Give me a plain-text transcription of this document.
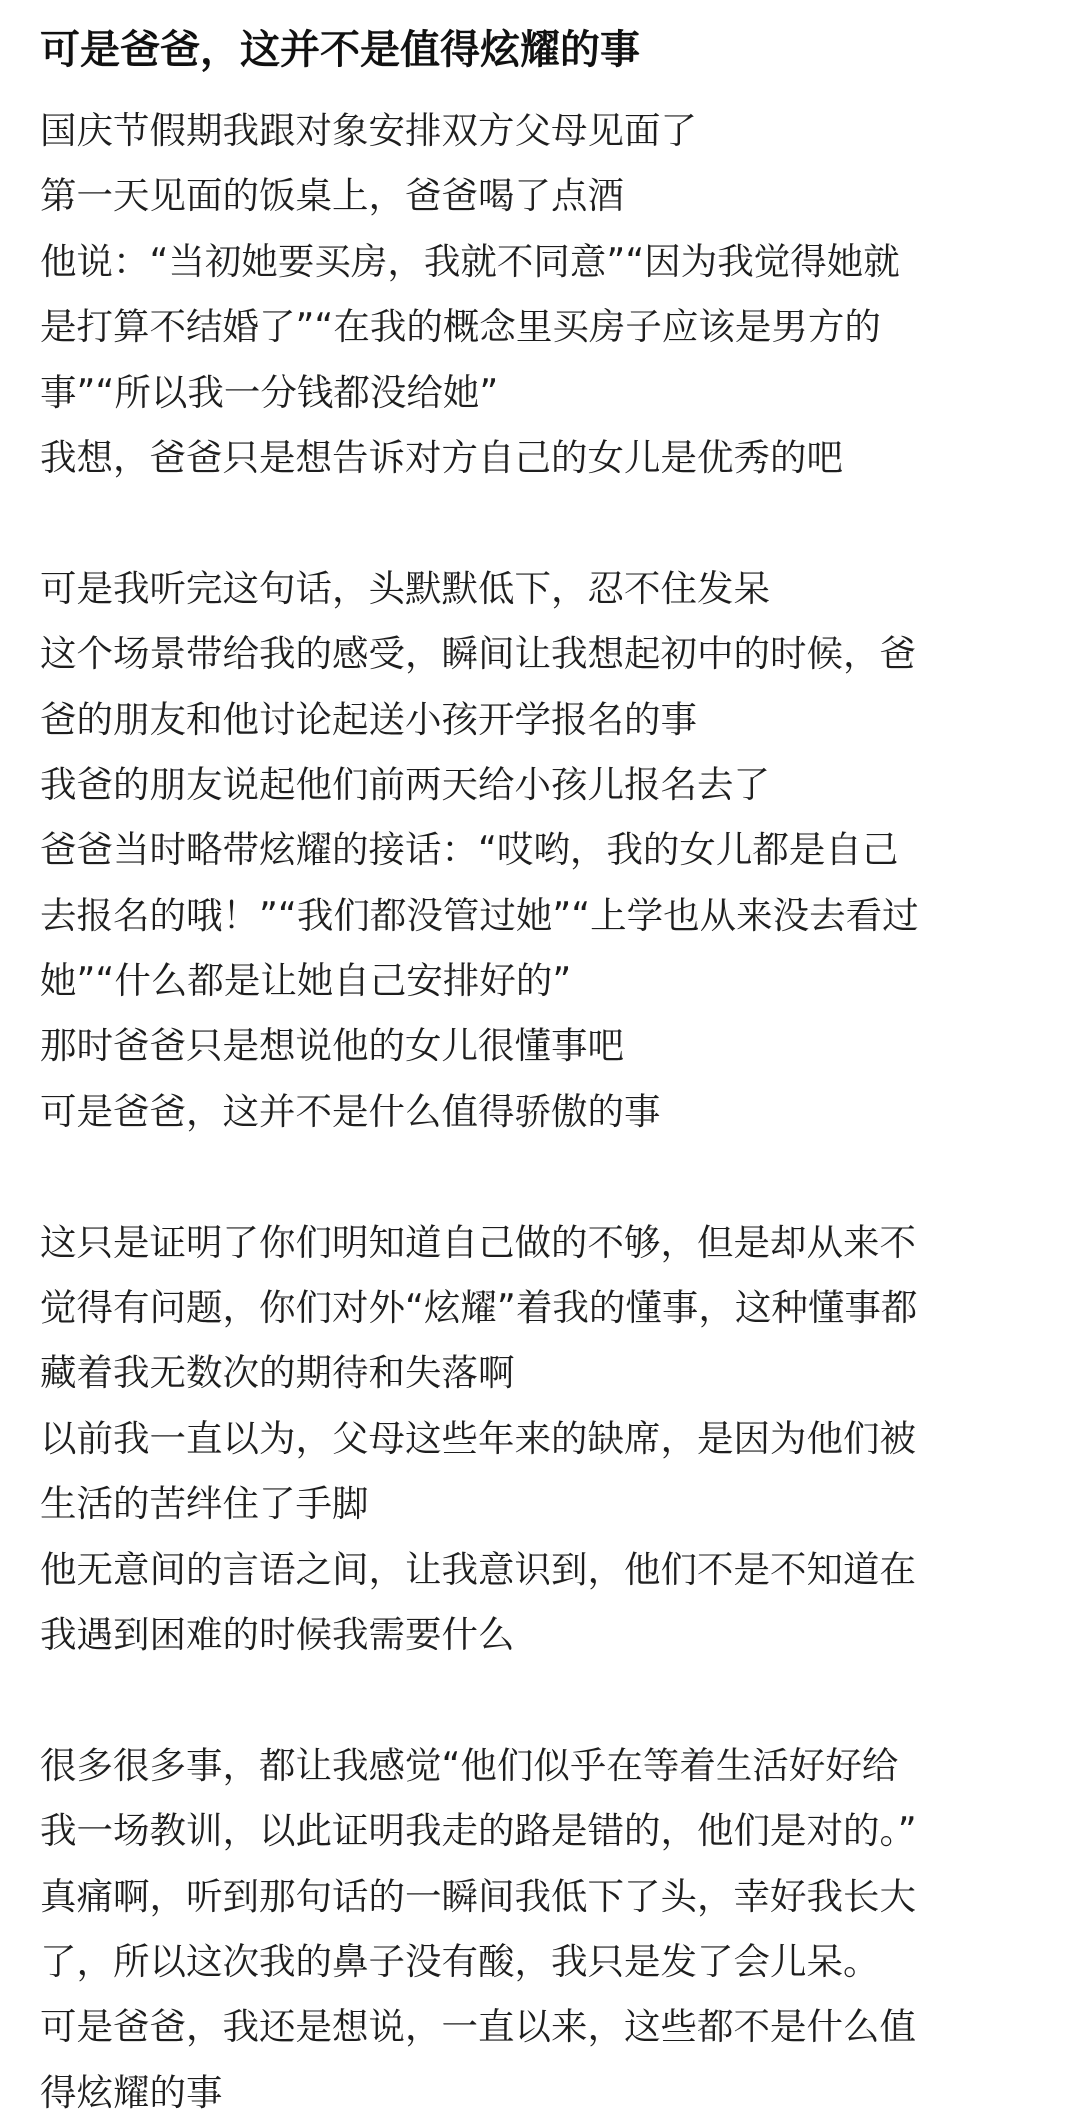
可是爸爸，这并不是值得炫耀的事
国庆节假期我跟对象安排双方父母见面了
第一天见面的饭桌上，爸爸喝了点酒
他说：“当初她要买房，我就不同意”“因为我觉得她就
是打算不结婚了”“在我的概念里买房子应该是男方的
事”“所以我一分钱都没给她”
我想，爸爸只是想告诉对方自己的女儿是优秀的吧
可是我听完这句话，头默默低下，忍不住发呆
这个场景带给我的感受，瞬间让我想起初中的时候，爸
爸的朋友和他讨论起送小孩开学报名的事
我爸的朋友说起他们前两天给小孩儿报名去了
爸爸当时略带炫耀的接话：“哎哟，我的女儿都是自己
去报名的哦！”“我们都没管过她”“上学也从来没去看过
她”“什么都是让她自己安排好的”
那时爸爸只是想说他的女儿很懂事吧
可是爸爸，这并不是什么值得骄傲的事
这只是证明了你们明知道自己做的不够，但是却从来不
觉得有问题，你们对外“炫耀”着我的懂事，这种懂事都
藏着我无数次的期待和失落啊
以前我一直以为，父母这些年来的缺席，是因为他们被
生活的苦绊住了手脚
他无意间的言语之间，让我意识到，他们不是不知道在
我遇到困难的时候我需要什么
很多很多事，都让我感觉“他们似乎在等着生活好好给
我一场教训，以此证明我走的路是错的，他们是对的。”
真痛啊，听到那句话的一瞬间我低下了头，幸好我长大
了，所以这次我的鼻子没有酸，我只是发了会儿呆。
可是爸爸，我还是想说，一直以来，这些都不是什么值
得炫耀的事
